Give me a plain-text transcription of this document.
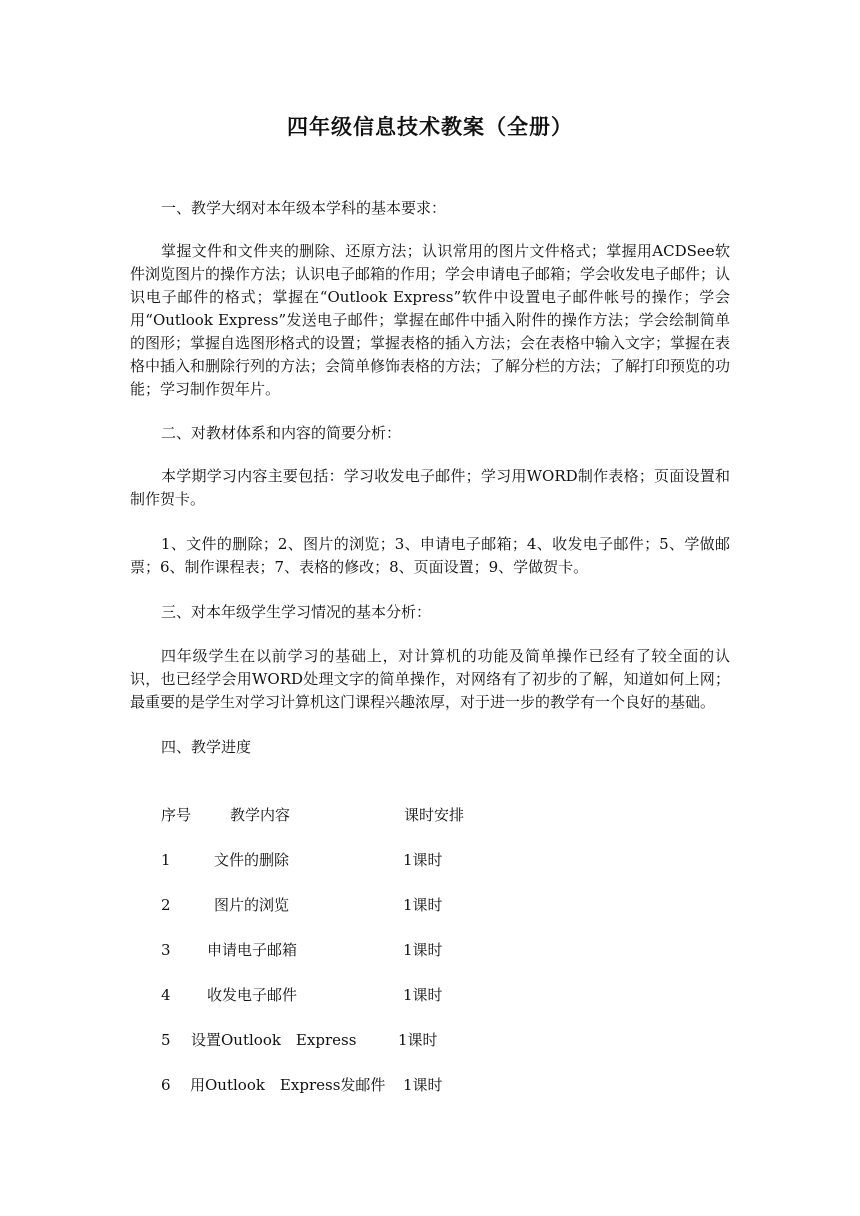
四年级信息技术教案（全册）
一、教学大纲对本年级本学科的基本要求：
掌握文件和文件夹的删除、还原方法；认识常用的图片文件格式；掌握用ACDSee软件浏览图片的操作方法；认识电子邮箱的作用；学会申请电子邮箱；学会收发电子邮件；认识电子邮件的格式；掌握在“Outlook Express”软件中设置电子邮件帐号的操作；学会用“Outlook Express”发送电子邮件；掌握在邮件中插入附件的操作方法；学会绘制简单的图形；掌握自选图形格式的设置；掌握表格的插入方法；会在表格中输入文字；掌握在表格中插入和删除行列的方法；会简单修饰表格的方法；了解分栏的方法；了解打印预览的功能；学习制作贺年片。
二、对教材体系和内容的简要分析：
本学期学习内容主要包括：学习收发电子邮件；学习用WORD制作表格；页面设置和制作贺卡。
1、文件的删除；2、图片的浏览；3、申请电子邮箱；4、收发电子邮件；5、学做邮票；6、制作课程表；7、表格的修改；8、页面设置；9、学做贺卡。
三、对本年级学生学习情况的基本分析：
四年级学生在以前学习的基础上，对计算机的功能及简单操作已经有了较全面的认识，也已经学会用WORD处理文字的简单操作，对网络有了初步的了解，知道如何上网；最重要的是学生对学习计算机这门课程兴趣浓厚，对于进一步的教学有一个良好的基础。
四、教学进度
序号	教学内容	课时安排
1	文件的删除	1课时
2	图片的浏览	1课时
3 申请电子邮箱	1课时
4 收发电子邮件	1课时
5 设置Outlook　Express	1课时
6 用Outlook　Express发邮件 1课时
